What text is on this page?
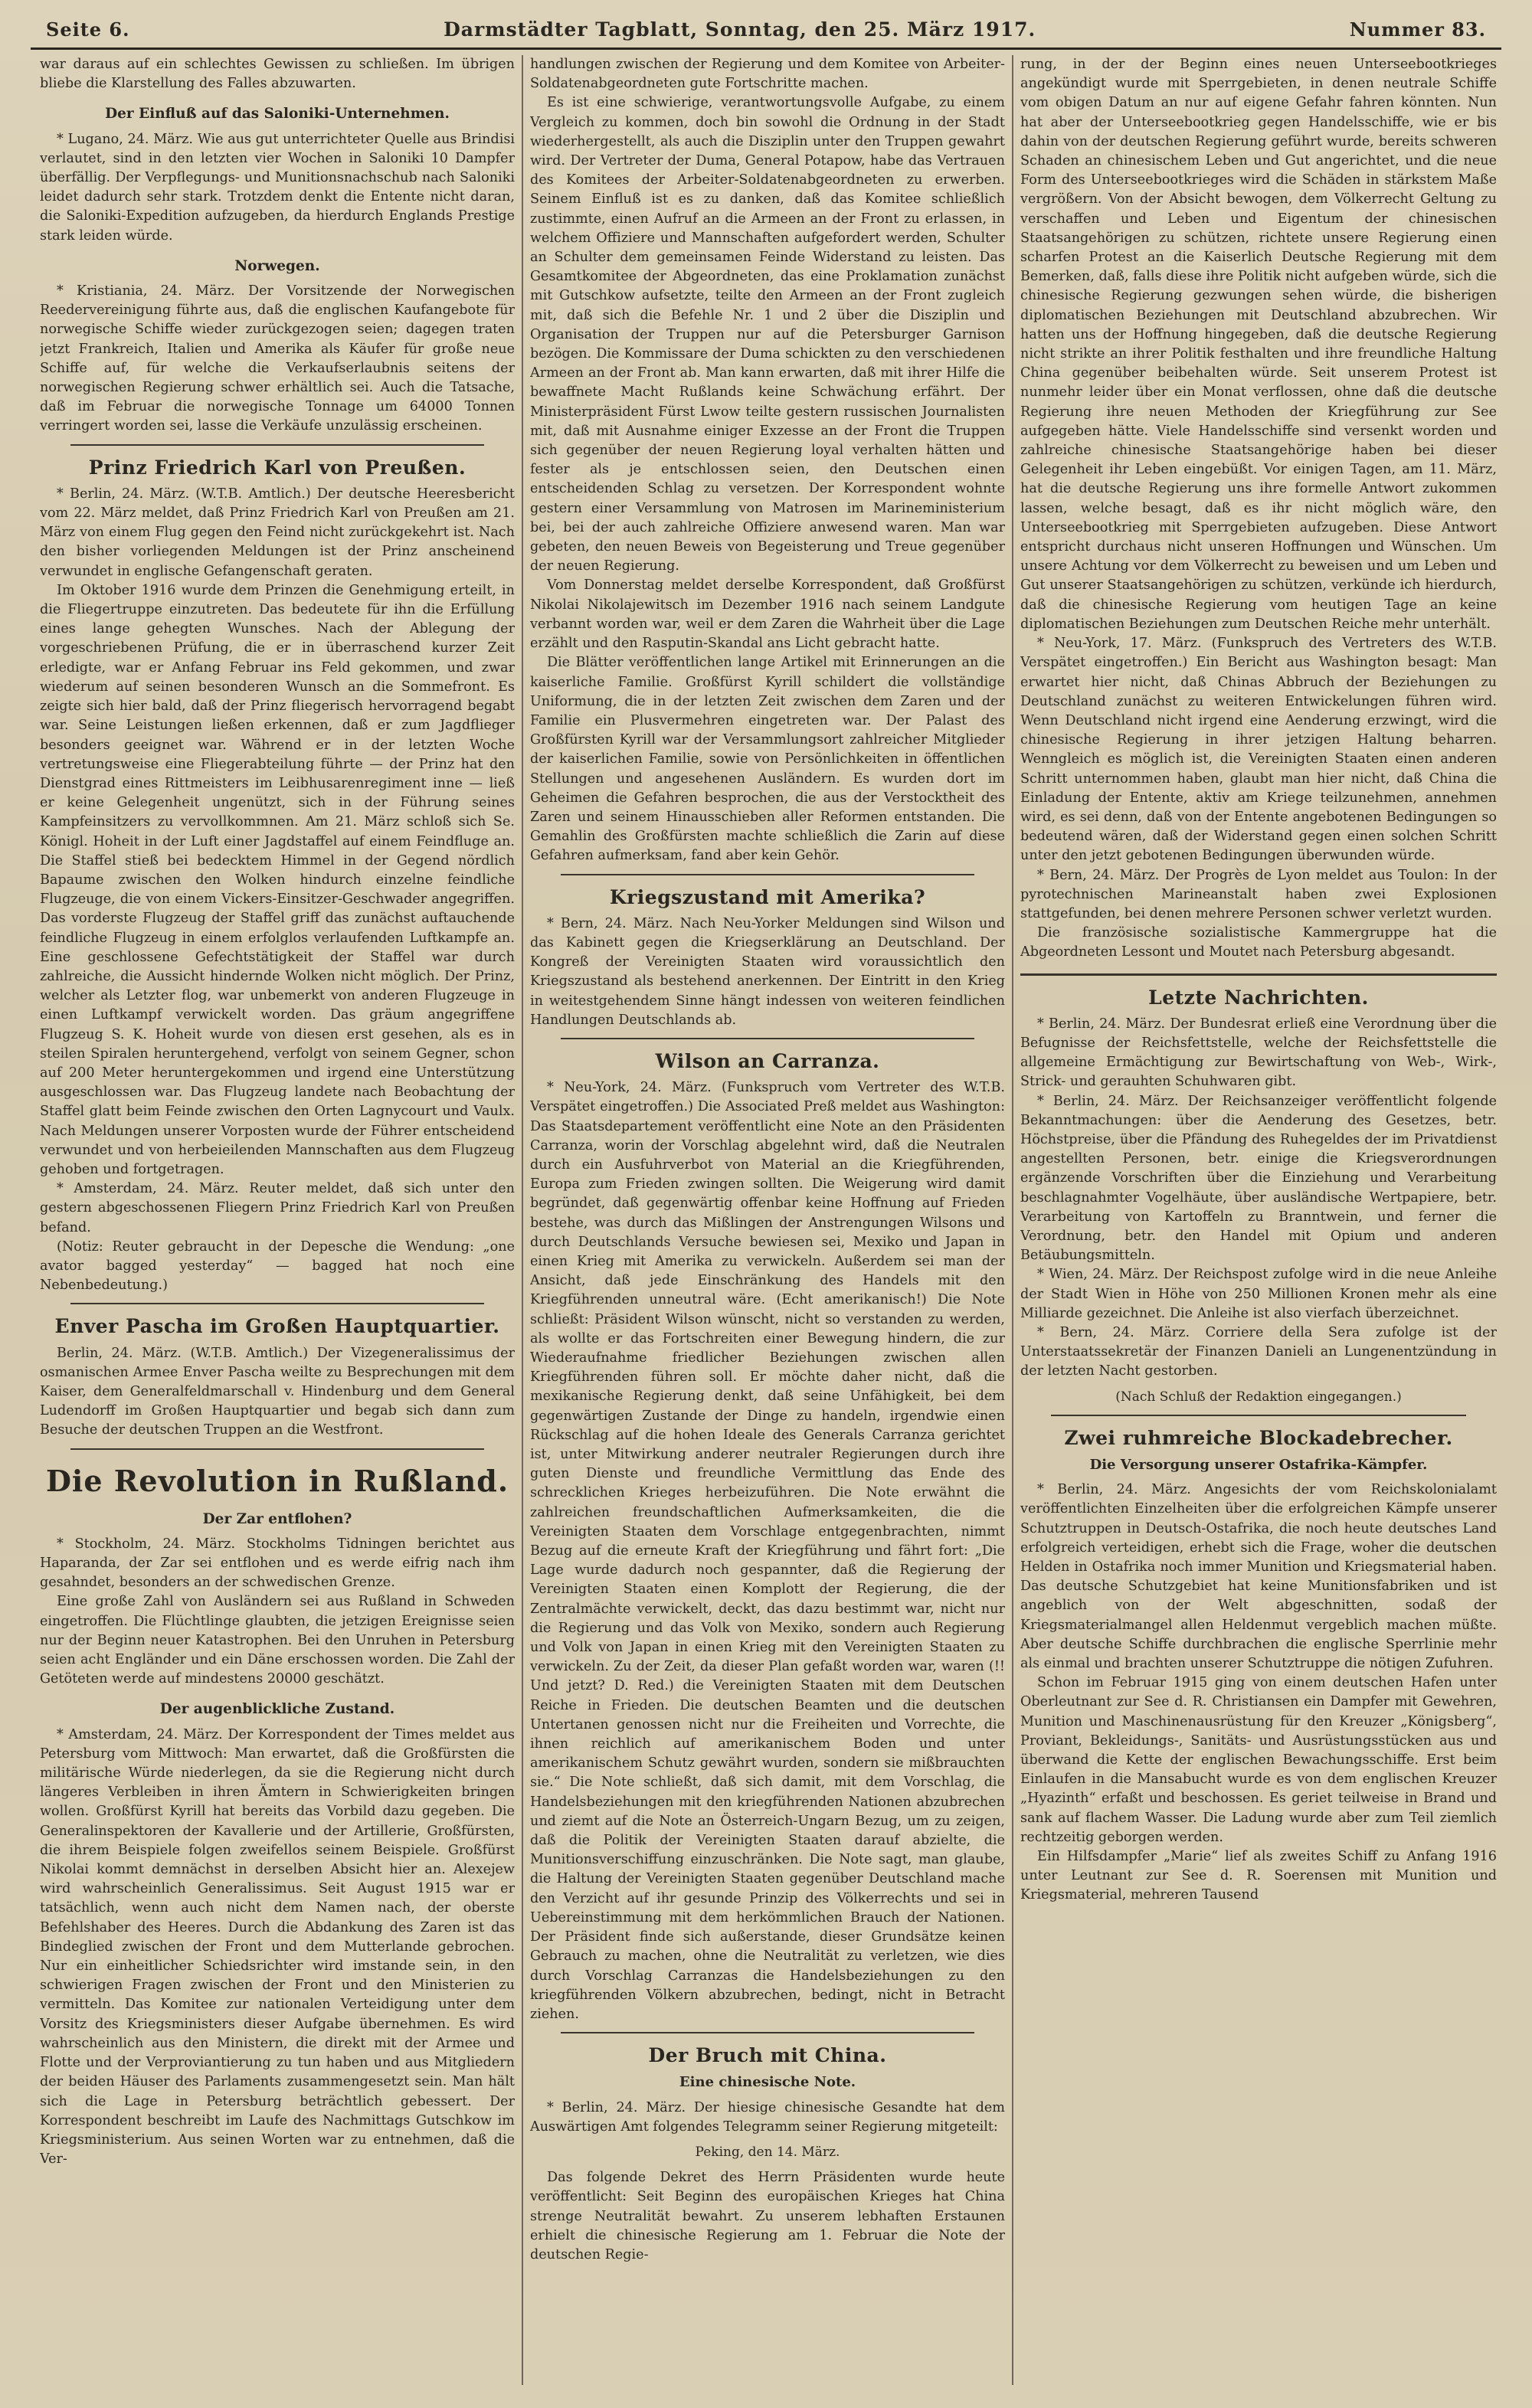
Seite 6.	Darmstädter Tagblatt, Sonntag, den 25. März 1917.	Nummer 83.

war daraus auf ein schlechtes Gewissen zu schließen. Im übrigen bliebe die Klarstellung des Falles abzuwarten.

Der Einfluß auf das Saloniki-Unternehmen.

* Lugano, 24. März. Wie aus gut unterrichteter Quelle aus Brindisi verlautet, sind in den letzten vier Wochen in Saloniki 10 Dampfer überfällig. Der Verpflegungs- und Munitionsnachschub nach Saloniki leidet dadurch sehr stark. Trotzdem denkt die Entente nicht daran, die Saloniki-Expedition aufzugeben, da hierdurch Englands Prestige stark leiden würde.

Norwegen.

* Kristiania, 24. März. Der Vorsitzende der Norwegischen Reedervereinigung führte aus, daß die englischen Kaufangebote für norwegische Schiffe wieder zurückgezogen seien; dagegen traten jetzt Frankreich, Italien und Amerika als Käufer für große neue Schiffe auf, für welche die Verkaufserlaubnis seitens der norwegischen Regierung schwer erhältlich sei. Auch die Tatsache, daß im Februar die norwegische Tonnage um 64000 Tonnen verringert worden sei, lasse die Verkäufe unzulässig erscheinen.

Prinz Friedrich Karl von Preußen.

* Berlin, 24. März. (W.T.B. Amtlich.) Der deutsche Heeresbericht vom 22. März meldet, daß Prinz Friedrich Karl von Preußen am 21. März von einem Flug gegen den Feind nicht zurückgekehrt ist. Nach den bisher vorliegenden Meldungen ist der Prinz anscheinend verwundet in englische Gefangenschaft geraten.

Im Oktober 1916 wurde dem Prinzen die Genehmigung erteilt, in die Fliegertruppe einzutreten. Das bedeutete für ihn die Erfüllung eines lange gehegten Wunsches. Nach der Ablegung der vorgeschriebenen Prüfung, die er in überraschend kurzer Zeit erledigte, war er Anfang Februar ins Feld gekommen, und zwar wiederum auf seinen besonderen Wunsch an die Sommefront. Es zeigte sich hier bald, daß der Prinz fliegerisch hervorragend begabt war. Seine Leistungen ließen erkennen, daß er zum Jagdflieger besonders geeignet war. Während er in der letzten Woche vertretungsweise eine Fliegerabteilung führte — der Prinz hat den Dienstgrad eines Rittmeisters im Leibhusarenregiment inne — ließ er keine Gelegenheit ungenützt, sich in der Führung seines Kampfeinsitzers zu vervollkommnen. Am 21. März schloß sich Se. Königl. Hoheit in der Luft einer Jagdstaffel auf einem Feindfluge an. Die Staffel stieß bei bedecktem Himmel in der Gegend nördlich Bapaume zwischen den Wolken hindurch einzelne feindliche Flugzeuge, die von einem Vickers-Einsitzer-Geschwader angegriffen. Das vorderste Flugzeug der Staffel griff das zunächst auftauchende feindliche Flugzeug in einem erfolglos verlaufenden Luftkampfe an. Eine geschlossene Gefechtstätigkeit der Staffel war durch zahlreiche, die Aussicht hindernde Wolken nicht möglich. Der Prinz, welcher als Letzter flog, war unbemerkt von anderen Flugzeuge in einen Luftkampf verwickelt worden. Das gräum angegriffene Flugzeug S. K. Hoheit wurde von diesen erst gesehen, als es in steilen Spiralen heruntergehend, verfolgt von seinem Gegner, schon auf 200 Meter heruntergekommen und irgend eine Unterstützung ausgeschlossen war. Das Flugzeug landete nach Beobachtung der Staffel glatt beim Feinde zwischen den Orten Lagnycourt und Vaulx. Nach Meldungen unserer Vorposten wurde der Führer entscheidend verwundet und von herbeieilenden Mannschaften aus dem Flugzeug gehoben und fortgetragen.

* Amsterdam, 24. März. Reuter meldet, daß sich unter den gestern abgeschossenen Fliegern Prinz Friedrich Karl von Preußen befand.

(Notiz: Reuter gebraucht in der Depesche die Wendung: „one avator bagged yesterday“ — bagged hat noch eine Nebenbedeutung.)

Enver Pascha im Großen Hauptquartier.

Berlin, 24. März. (W.T.B. Amtlich.) Der Vizegeneralissimus der osmanischen Armee Enver Pascha weilte zu Besprechungen mit dem Kaiser, dem Generalfeldmarschall v. Hindenburg und dem General Ludendorff im Großen Hauptquartier und begab sich dann zum Besuche der deutschen Truppen an die Westfront.

Die Revolution in Rußland.
Der Zar entflohen?

* Stockholm, 24. März. Stockholms Tidningen berichtet aus Haparanda, der Zar sei entflohen und es werde eifrig nach ihm gesahndet, besonders an der schwedischen Grenze.

Eine große Zahl von Ausländern sei aus Rußland in Schweden eingetroffen. Die Flüchtlinge glaubten, die jetzigen Ereignisse seien nur der Beginn neuer Katastrophen. Bei den Unruhen in Petersburg seien acht Engländer und ein Däne erschossen worden. Die Zahl der Getöteten werde auf mindestens 20000 geschätzt.

Der augenblickliche Zustand.

* Amsterdam, 24. März. Der Korrespondent der Times meldet aus Petersburg vom Mittwoch: Man erwartet, daß die Großfürsten die militärische Würde niederlegen, da sie die Regierung nicht durch längeres Verbleiben in ihren Ämtern in Schwierigkeiten bringen wollen. Großfürst Kyrill hat bereits das Vorbild dazu gegeben. Die Generalinspektoren der Kavallerie und der Artillerie, Großfürsten, die ihrem Beispiele folgen zweifellos seinem Beispiele. Großfürst Nikolai kommt demnächst in derselben Absicht hier an. Alexejew wird wahrscheinlich Generalissimus. Seit August 1915 war er tatsächlich, wenn auch nicht dem Namen nach, der oberste Befehlshaber des Heeres. Durch die Abdankung des Zaren ist das Bindeglied zwischen der Front und dem Mutterlande gebrochen. Nur ein einheitlicher Schiedsrichter wird imstande sein, in den schwierigen Fragen zwischen der Front und den Ministerien zu vermitteln. Das Komitee zur nationalen Verteidigung unter dem Vorsitz des Kriegsministers dieser Aufgabe übernehmen. Es wird wahrscheinlich aus den Ministern, die direkt mit der Armee und Flotte und der Verproviantierung zu tun haben und aus Mitgliedern der beiden Häuser des Parlaments zusammengesetzt sein. Man hält sich die Lage in Petersburg beträchtlich gebessert. Der Korrespondent beschreibt im Laufe des Nachmittags Gutschkow im Kriegsministerium. Aus seinen Worten war zu entnehmen, daß die Ver-

handlungen zwischen der Regierung und dem Komitee von Arbeiter-Soldatenabgeordneten gute Fortschritte machen.

Es ist eine schwierige, verantwortungsvolle Aufgabe, zu einem Vergleich zu kommen, doch bin sowohl die Ordnung in der Stadt wiederhergestellt, als auch die Disziplin unter den Truppen gewahrt wird. Der Vertreter der Duma, General Potapow, habe das Vertrauen des Komitees der Arbeiter-Soldatenabgeordneten zu erwerben. Seinem Einfluß ist es zu danken, daß das Komitee schließlich zustimmte, einen Aufruf an die Armeen an der Front zu erlassen, in welchem Offiziere und Mannschaften aufgefordert werden, Schulter an Schulter dem gemeinsamen Feinde Widerstand zu leisten. Das Gesamtkomitee der Abgeordneten, das eine Proklamation zunächst mit Gutschkow aufsetzte, teilte den Armeen an der Front zugleich mit, daß sich die Befehle Nr. 1 und 2 über die Disziplin und Organisation der Truppen nur auf die Petersburger Garnison bezögen. Die Kommissare der Duma schickten zu den verschiedenen Armeen an der Front ab. Man kann erwarten, daß mit ihrer Hilfe die bewaffnete Macht Rußlands keine Schwächung erfährt. Der Ministerpräsident Fürst Lwow teilte gestern russischen Journalisten mit, daß mit Ausnahme einiger Exzesse an der Front die Truppen sich gegenüber der neuen Regierung loyal verhalten hätten und fester als je entschlossen seien, den Deutschen einen entscheidenden Schlag zu versetzen. Der Korrespondent wohnte gestern einer Versammlung von Matrosen im Marineministerium bei, bei der auch zahlreiche Offiziere anwesend waren. Man war gebeten, den neuen Beweis von Begeisterung und Treue gegenüber der neuen Regierung.

Vom Donnerstag meldet derselbe Korrespondent, daß Großfürst Nikolai Nikolajewitsch im Dezember 1916 nach seinem Landgute verbannt worden war, weil er dem Zaren die Wahrheit über die Lage erzählt und den Rasputin-Skandal ans Licht gebracht hatte.

Die Blätter veröffentlichen lange Artikel mit Erinnerungen an die kaiserliche Familie. Großfürst Kyrill schildert die vollständige Uniformung, die in der letzten Zeit zwischen dem Zaren und der Familie ein Plusvermehren eingetreten war. Der Palast des Großfürsten Kyrill war der Versammlungsort zahlreicher Mitglieder der kaiserlichen Familie, sowie von Persönlichkeiten in öffentlichen Stellungen und angesehenen Ausländern. Es wurden dort im Geheimen die Gefahren besprochen, die aus der Verstocktheit des Zaren und seinem Hinausschieben aller Reformen entstanden. Die Gemahlin des Großfürsten machte schließlich die Zarin auf diese Gefahren aufmerksam, fand aber kein Gehör.

Kriegszustand mit Amerika?

* Bern, 24. März. Nach Neu-Yorker Meldungen sind Wilson und das Kabinett gegen die Kriegserklärung an Deutschland. Der Kongreß der Vereinigten Staaten wird voraussichtlich den Kriegszustand als bestehend anerkennen. Der Eintritt in den Krieg in weitestgehendem Sinne hängt indessen von weiteren feindlichen Handlungen Deutschlands ab.

Wilson an Carranza.

* Neu-York, 24. März. (Funkspruch vom Vertreter des W.T.B. Verspätet eingetroffen.) Die Associated Preß meldet aus Washington: Das Staatsdepartement veröffentlicht eine Note an den Präsidenten Carranza, worin der Vorschlag abgelehnt wird, daß die Neutralen durch ein Ausfuhrverbot von Material an die Kriegführenden, Europa zum Frieden zwingen sollten. Die Weigerung wird damit begründet, daß gegenwärtig offenbar keine Hoffnung auf Frieden bestehe, was durch das Mißlingen der Anstrengungen Wilsons und durch Deutschlands Versuche bewiesen sei, Mexiko und Japan in einen Krieg mit Amerika zu verwickeln. Außerdem sei man der Ansicht, daß jede Einschränkung des Handels mit den Kriegführenden unneutral wäre. (Echt amerikanisch!) Die Note schließt: Präsident Wilson wünscht, nicht so verstanden zu werden, als wollte er das Fortschreiten einer Bewegung hindern, die zur Wiederaufnahme friedlicher Beziehungen zwischen allen Kriegführenden führen soll. Er möchte daher nicht, daß die mexikanische Regierung denkt, daß seine Unfähigkeit, bei dem gegenwärtigen Zustande der Dinge zu handeln, irgendwie einen Rückschlag auf die hohen Ideale des Generals Carranza gerichtet ist, unter Mitwirkung anderer neutraler Regierungen durch ihre guten Dienste und freundliche Vermittlung das Ende des schrecklichen Krieges herbeizuführen. Die Note erwähnt die zahlreichen freundschaftlichen Aufmerksamkeiten, die die Vereinigten Staaten dem Vorschlage entgegenbrachten, nimmt Bezug auf die erneute Kraft der Kriegführung und fährt fort: „Die Lage wurde dadurch noch gespannter, daß die Regierung der Vereinigten Staaten einen Komplott der Regierung, die der Zentralmächte verwickelt, deckt, das dazu bestimmt war, nicht nur die Regierung und das Volk von Mexiko, sondern auch Regierung und Volk von Japan in einen Krieg mit den Vereinigten Staaten zu verwickeln. Zu der Zeit, da dieser Plan gefaßt worden war, waren (!! Und jetzt? D. Red.) die Vereinigten Staaten mit dem Deutschen Reiche in Frieden. Die deutschen Beamten und die deutschen Untertanen genossen nicht nur die Freiheiten und Vorrechte, die ihnen reichlich auf amerikanischem Boden und unter amerikanischem Schutz gewährt wurden, sondern sie mißbrauchten sie.“ Die Note schließt, daß sich damit, mit dem Vorschlag, die Handelsbeziehungen mit den kriegführenden Nationen abzubrechen und ziemt auf die Note an Österreich-Ungarn Bezug, um zu zeigen, daß die Politik der Vereinigten Staaten darauf abzielte, die Munitionsverschiffung einzuschränken. Die Note sagt, man glaube, die Haltung der Vereinigten Staaten gegenüber Deutschland mache den Verzicht auf ihr gesunde Prinzip des Völkerrechts und sei in Uebereinstimmung mit dem herkömmlichen Brauch der Nationen. Der Präsident finde sich außerstande, dieser Grundsätze keinen Gebrauch zu machen, ohne die Neutralität zu verletzen, wie dies durch Vorschlag Carranzas die Handelsbeziehungen zu den kriegführenden Völkern abzubrechen, bedingt, nicht in Betracht ziehen.

Der Bruch mit China.
Eine chinesische Note.

* Berlin, 24. März. Der hiesige chinesische Gesandte hat dem Auswärtigen Amt folgendes Telegramm seiner Regierung mitgeteilt:

Peking, den 14. März.

Das folgende Dekret des Herrn Präsidenten wurde heute veröffentlicht: Seit Beginn des europäischen Krieges hat China strenge Neutralität bewahrt. Zu unserem lebhaften Erstaunen erhielt die chinesische Regierung am 1. Februar die Note der deutschen Regie-

rung, in der der Beginn eines neuen Unterseebootkrieges angekündigt wurde mit Sperrgebieten, in denen neutrale Schiffe vom obigen Datum an nur auf eigene Gefahr fahren könnten. Nun hat aber der Unterseebootkrieg gegen Handelsschiffe, wie er bis dahin von der deutschen Regierung geführt wurde, bereits schweren Schaden an chinesischem Leben und Gut angerichtet, und die neue Form des Unterseebootkrieges wird die Schäden in stärkstem Maße vergrößern. Von der Absicht bewogen, dem Völkerrecht Geltung zu verschaffen und Leben und Eigentum der chinesischen Staatsangehörigen zu schützen, richtete unsere Regierung einen scharfen Protest an die Kaiserlich Deutsche Regierung mit dem Bemerken, daß, falls diese ihre Politik nicht aufgeben würde, sich die chinesische Regierung gezwungen sehen würde, die bisherigen diplomatischen Beziehungen mit Deutschland abzubrechen. Wir hatten uns der Hoffnung hingegeben, daß die deutsche Regierung nicht strikte an ihrer Politik festhalten und ihre freundliche Haltung China gegenüber beibehalten würde. Seit unserem Protest ist nunmehr leider über ein Monat verflossen, ohne daß die deutsche Regierung ihre neuen Methoden der Kriegführung zur See aufgegeben hätte. Viele Handelsschiffe sind versenkt worden und zahlreiche chinesische Staatsangehörige haben bei dieser Gelegenheit ihr Leben eingebüßt. Vor einigen Tagen, am 11. März, hat die deutsche Regierung uns ihre formelle Antwort zukommen lassen, welche besagt, daß es ihr nicht möglich wäre, den Unterseebootkrieg mit Sperrgebieten aufzugeben. Diese Antwort entspricht durchaus nicht unseren Hoffnungen und Wünschen. Um unsere Achtung vor dem Völkerrecht zu beweisen und um Leben und Gut unserer Staatsangehörigen zu schützen, verkünde ich hierdurch, daß die chinesische Regierung vom heutigen Tage an keine diplomatischen Beziehungen zum Deutschen Reiche mehr unterhält.

* Neu-York, 17. März. (Funkspruch des Vertreters des W.T.B. Verspätet eingetroffen.) Ein Bericht aus Washington besagt: Man erwartet hier nicht, daß Chinas Abbruch der Beziehungen zu Deutschland zunächst zu weiteren Entwickelungen führen wird. Wenn Deutschland nicht irgend eine Aenderung erzwingt, wird die chinesische Regierung in ihrer jetzigen Haltung beharren. Wenngleich es möglich ist, die Vereinigten Staaten einen anderen Schritt unternommen haben, glaubt man hier nicht, daß China die Einladung der Entente, aktiv am Kriege teilzunehmen, annehmen wird, es sei denn, daß von der Entente angebotenen Bedingungen so bedeutend wären, daß der Widerstand gegen einen solchen Schritt unter den jetzt gebotenen Bedingungen überwunden würde.

* Bern, 24. März. Der Progrès de Lyon meldet aus Toulon: In der pyrotechnischen Marineanstalt haben zwei Explosionen stattgefunden, bei denen mehrere Personen schwer verletzt wurden.

Die französische sozialistische Kammergruppe hat die Abgeordneten Lessont und Moutet nach Petersburg abgesandt.

Letzte Nachrichten.

* Berlin, 24. März. Der Bundesrat erließ eine Verordnung über die Befugnisse der Reichsfettstelle, welche der Reichsfettstelle die allgemeine Ermächtigung zur Bewirtschaftung von Web-, Wirk-, Strick- und gerauhten Schuhwaren gibt.

* Berlin, 24. März. Der Reichsanzeiger veröffentlicht folgende Bekanntmachungen: über die Aenderung des Gesetzes, betr. Höchstpreise, über die Pfändung des Ruhegeldes der im Privatdienst angestellten Personen, betr. einige die Kriegsverordnungen ergänzende Vorschriften über die Einziehung und Verarbeitung beschlagnahmter Vogelhäute, über ausländische Wertpapiere, betr. Verarbeitung von Kartoffeln zu Branntwein, und ferner die Verordnung, betr. den Handel mit Opium und anderen Betäubungsmitteln.

* Wien, 24. März. Der Reichspost zufolge wird in die neue Anleihe der Stadt Wien in Höhe von 250 Millionen Kronen mehr als eine Milliarde gezeichnet. Die Anleihe ist also vierfach überzeichnet.

* Bern, 24. März. Corriere della Sera zufolge ist der Unterstaatssekretär der Finanzen Danieli an Lungenentzündung in der letzten Nacht gestorben.

(Nach Schluß der Redaktion eingegangen.)
Zwei ruhmreiche Blockadebrecher.
Die Versorgung unserer Ostafrika-Kämpfer.

* Berlin, 24. März. Angesichts der vom Reichskolonialamt veröffentlichten Einzelheiten über die erfolgreichen Kämpfe unserer Schutztruppen in Deutsch-Ostafrika, die noch heute deutsches Land erfolgreich verteidigen, erhebt sich die Frage, woher die deutschen Helden in Ostafrika noch immer Munition und Kriegsmaterial haben. Das deutsche Schutzgebiet hat keine Munitionsfabriken und ist angeblich von der Welt abgeschnitten, sodaß der Kriegsmaterialmangel allen Heldenmut vergeblich machen müßte. Aber deutsche Schiffe durchbrachen die englische Sperrlinie mehr als einmal und brachten unserer Schutztruppe die nötigen Zufuhren.

Schon im Februar 1915 ging von einem deutschen Hafen unter Oberleutnant zur See d. R. Christiansen ein Dampfer mit Gewehren, Munition und Maschinenausrüstung für den Kreuzer „Königsberg“, Proviant, Bekleidungs-, Sanitäts- und Ausrüstungsstücken aus und überwand die Kette der englischen Bewachungsschiffe. Erst beim Einlaufen in die Mansabucht wurde es von dem englischen Kreuzer „Hyazinth“ erfaßt und beschossen. Es geriet teilweise in Brand und sank auf flachem Wasser. Die Ladung wurde aber zum Teil ziemlich rechtzeitig geborgen werden.

Ein Hilfsdampfer „Marie“ lief als zweites Schiff zu Anfang 1916 unter Leutnant zur See d. R. Soerensen mit Munition und Kriegsmaterial, mehreren Tausend
